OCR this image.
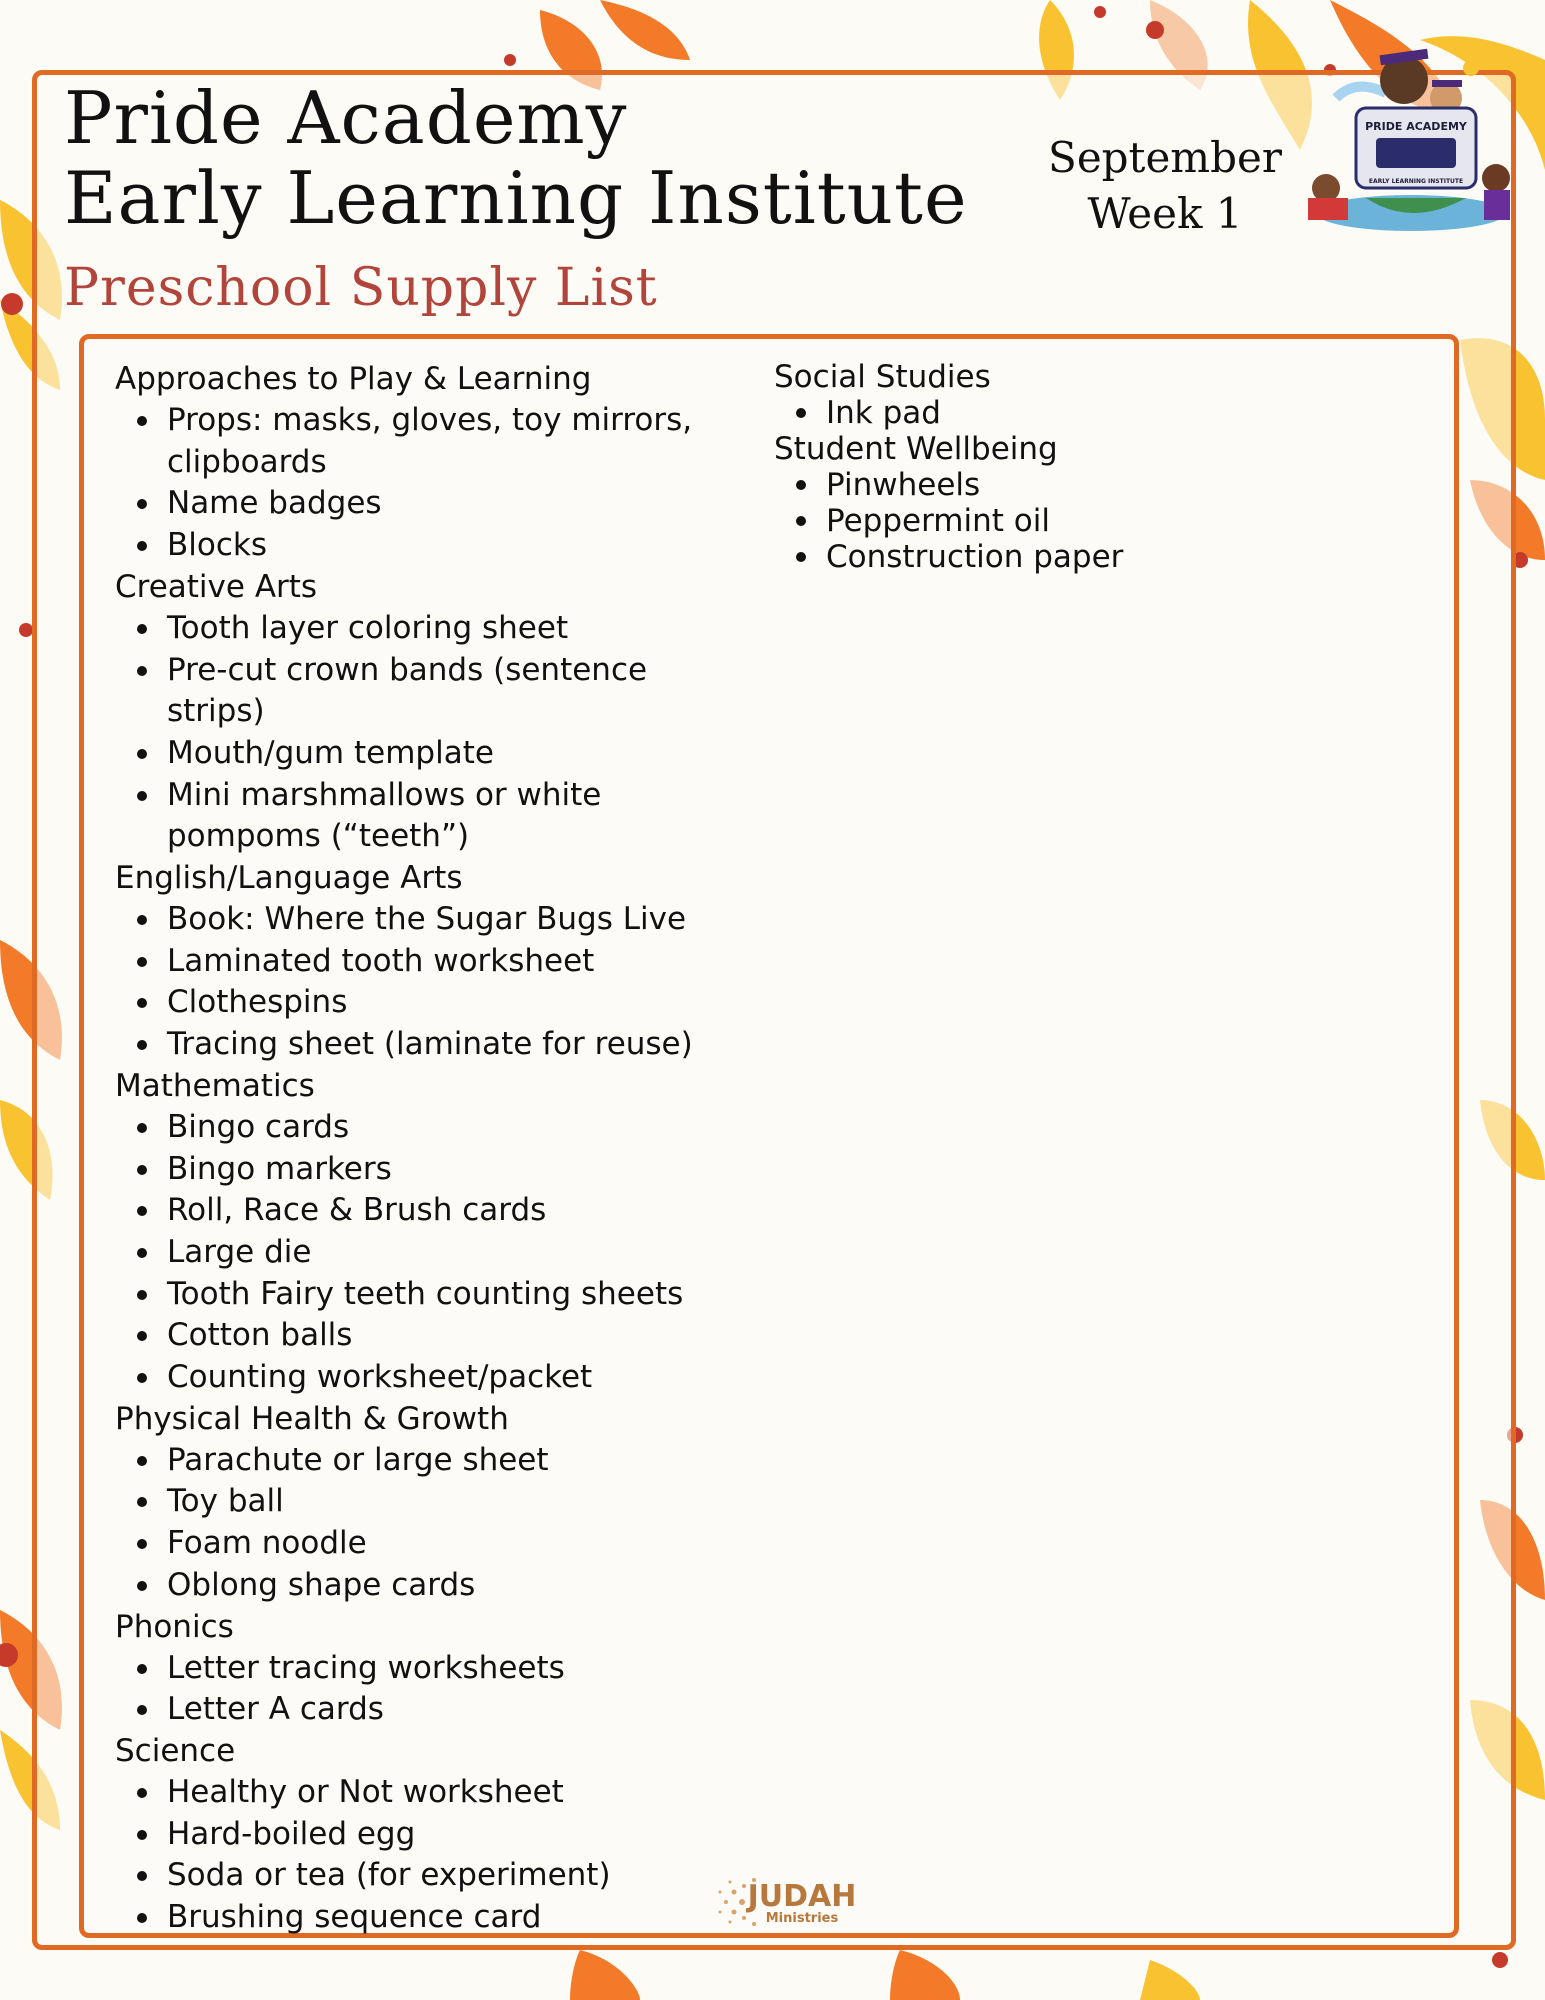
Pride Academy
Early Learning Institute
Preschool Supply List
September
Week 1
PRIDE ACADEMY
EARLY LEARNING INSTITUTE
Approaches to Play & Learning
Props: masks, gloves, toy mirrors, clipboards
Name badges
Blocks
Creative Arts
Tooth layer coloring sheet
Pre-cut crown bands (sentence strips)
Mouth/gum template
Mini marshmallows or white pompoms (“teeth”)
English/Language Arts
Book: Where the Sugar Bugs Live
Laminated tooth worksheet
Clothespins
Tracing sheet (laminate for reuse)
Mathematics
Bingo cards
Bingo markers
Roll, Race & Brush cards
Large die
Tooth Fairy teeth counting sheets
Cotton balls
Counting worksheet/packet
Physical Health & Growth
Parachute or large sheet
Toy ball
Foam noodle
Oblong shape cards
Phonics
Letter tracing worksheets
Letter A cards
Science
Healthy or Not worksheet
Hard-boiled egg
Soda or tea (for experiment)
Brushing sequence card
Social Studies
Ink pad
Student Wellbeing
Pinwheels
Peppermint oil
Construction paper
JUDAH
Ministries
